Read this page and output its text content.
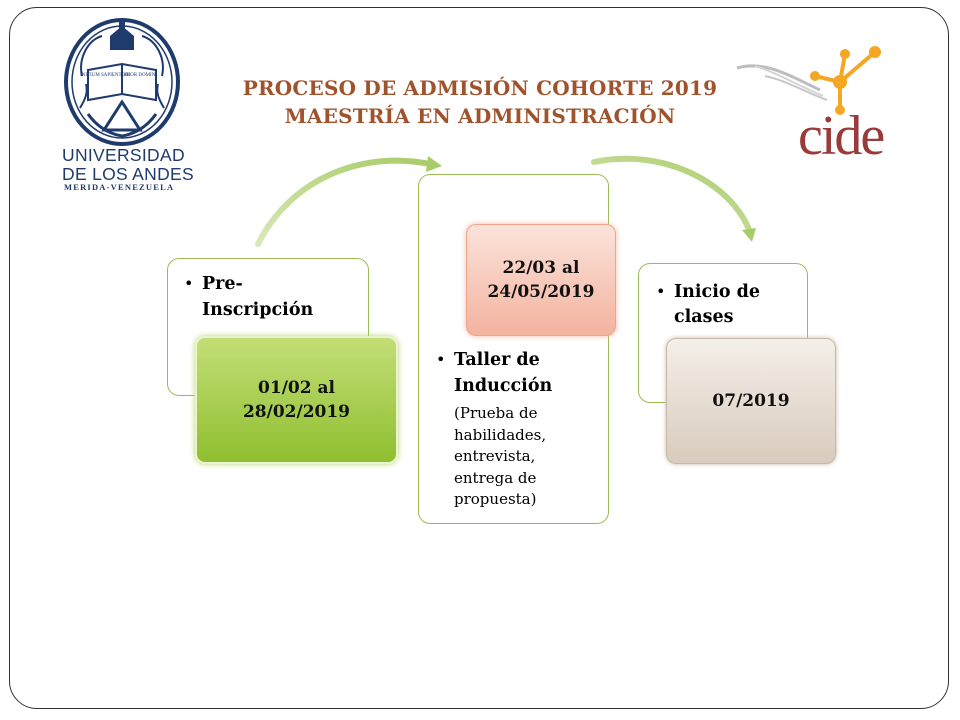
INITIUM SAPIENTIAE
TIMOR DOMINI
UNIVERSIDAD
DE LOS ANDES
MERIDA-VENEZUELA
cide
PROCESO DE ADMISIÓN COHORTE 2019
MAESTRÍA EN ADMINISTRACIÓN
• Pre-
Inscripción
01/02 al
28/02/2019
22/03 al
24/05/2019
• Taller de
Inducción
(Prueba de
habilidades,
entrevista,
entrega de
propuesta)
• Inicio de
clases
07/2019
